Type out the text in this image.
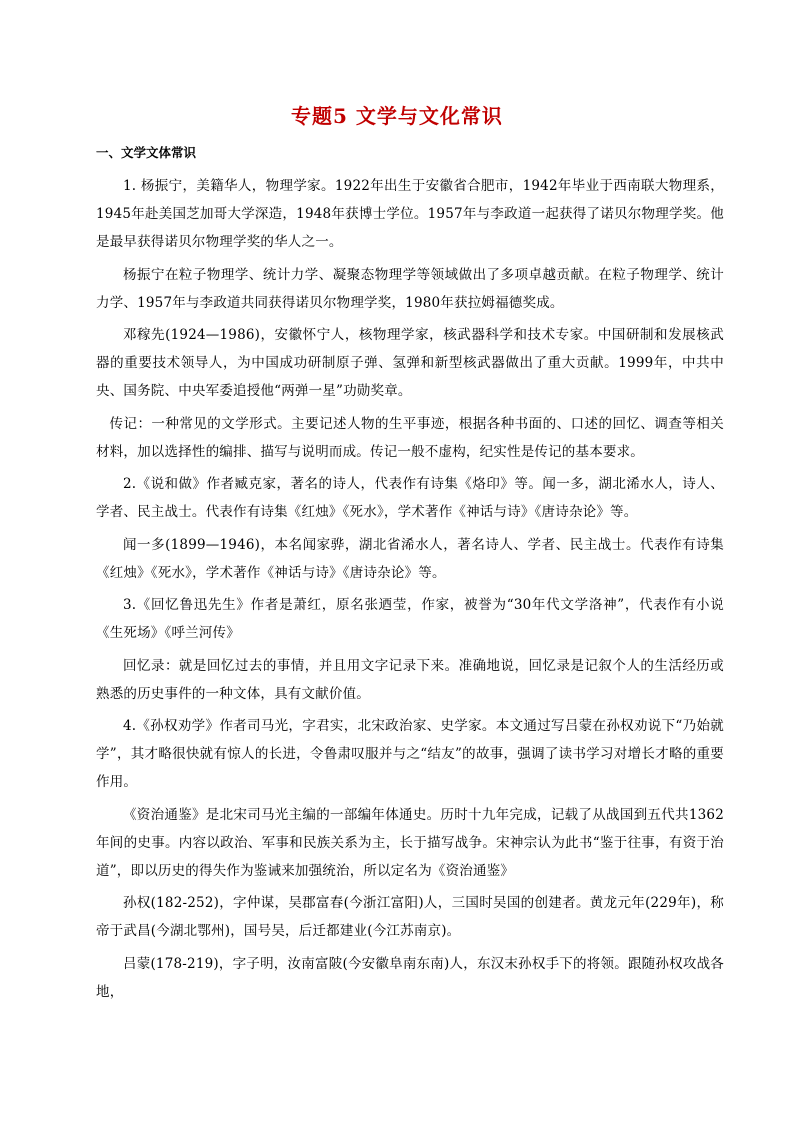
专题5 文学与文化常识
一、文学文体常识

1. 杨振宁，美籍华人，物理学家。1922年出生于安徽省合肥市，1942年毕业于西南联大物理系，1945年赴美国芝加哥大学深造，1948年获博士学位。1957年与李政道一起获得了诺贝尔物理学奖。他是最早获得诺贝尔物理学奖的华人之一。

杨振宁在粒子物理学、统计力学、凝聚态物理学等领域做出了多项卓越贡献。在粒子物理学、统计力学、1957年与李政道共同获得诺贝尔物理学奖，1980年获拉姆福德奖成。

邓稼先(1924—1986)，安徽怀宁人，核物理学家，核武器科学和技术专家。中国研制和发展核武器的重要技术领导人，为中国成功研制原子弹、氢弹和新型核武器做出了重大贡献。1999年，中共中央、国务院、中央军委追授他“两弹一星”功勋奖章。

传记：一种常见的文学形式。主要记述人物的生平事迹，根据各种书面的、口述的回忆、调查等相关材料，加以选择性的编排、描写与说明而成。传记一般不虚构，纪实性是传记的基本要求。

2.《说和做》作者臧克家，著名的诗人，代表作有诗集《烙印》等。闻一多，湖北浠水人，诗人、学者、民主战士。代表作有诗集《红烛》《死水》，学术著作《神话与诗》《唐诗杂论》等。

闻一多(1899—1946)，本名闻家骅，湖北省浠水人，著名诗人、学者、民主战士。代表作有诗集《红烛》《死水》，学术著作《神话与诗》《唐诗杂论》等。

3.《回忆鲁迅先生》作者是萧红，原名张迺莹，作家，被誉为“30年代文学洛神”，代表作有小说《生死场》《呼兰河传》

回忆录：就是回忆过去的事情，并且用文字记录下来。准确地说，回忆录是记叙个人的生活经历或熟悉的历史事件的一种文体，具有文献价值。

4.《孙权劝学》作者司马光，字君实，北宋政治家、史学家。本文通过写吕蒙在孙权劝说下“乃始就学”，其才略很快就有惊人的长进，令鲁肃叹服并与之“结友”的故事，强调了读书学习对增长才略的重要作用。

《资治通鉴》是北宋司马光主编的一部编年体通史。历时十九年完成，记载了从战国到五代共1362年间的史事。内容以政治、军事和民族关系为主，长于描写战争。宋神宗认为此书“鉴于往事，有资于治道”，即以历史的得失作为鉴诫来加强统治，所以定名为《资治通鉴》

孙权(182-252)，字仲谋，吴郡富春(今浙江富阳)人，三国时吴国的创建者。黄龙元年(229年)，称帝于武昌(今湖北鄂州)，国号吴，后迁都建业(今江苏南京)。

吕蒙(178-219)，字子明，汝南富陂(今安徽阜南东南)人，东汉末孙权手下的将领。跟随孙权攻战各地，
